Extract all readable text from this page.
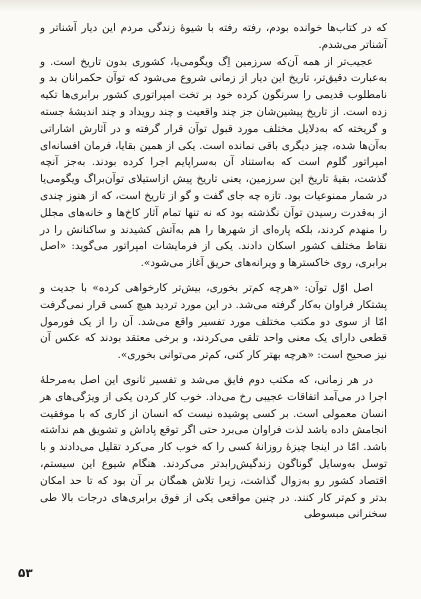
که در کتاب‌ها خوانده بودم، رفته رفته با شیوهٔ زندگی مردم این دیار آشناتر و آشناتر می‌شدم.

عجیب‌تر از همه آن‌که سرزمین اِگ ویگومی‌یا، کشوری بدون تاریخ است. و به‌عبارت دقیق‌تر، تاریخ این دیار از زمانی شروع می‌شود که توآن حکمرانان بد و نامطلوب قدیمی را سرنگون کرده خود بر تخت امپراتوری کشور برابری‌ها تکیه زده است. از تاریخ پیشین‌شان جز چند واقعیت و چند رویداد و چند اندیشهٔ جسته و گریخته که به‌دلایل مختلف مورد قبول توآن قرار گرفته و در آثارش اشاراتی به‌آن‌ها شده، چیز دیگری باقی نمانده است. یکی از همین بقایا، فرمان افسانه‌ای امپراتور گلوم است که به‌استناد آن به‌سراپایم اجرا کرده بودند. به‌جز آنچه گذشت، بقیهٔ تاریخ این سرزمین، یعنی تاریخ پیش ازاستیلای توآن‌براگ ویگومی‌یا در شمار ممنوعیات بود. تازه چه جای گفت و گو از تاریخ است، که از هنوز چندی از به‌قدرت رسیدن توآن نگذشته بود که نه تنها تمام آثار کاخ‌ها و خانه‌های مجلل را منهدم کردند، بلکه پاره‌ای از شهرها را هم به‌آتش کشیدند و ساکنانش را در نقاط مختلف کشور اسکان دادند. یکی از فرمایشات امپراتور می‌گوید: «اصل برابری، روی خاکسترها و ویرانه‌های حریق آغاز می‌شود».

اصل اوّل توآن: «هرچه کم‌تر بخوری، بیش‌تر کارخواهی کرده» با جدیت و پشتکار فراوان به‌کار گرفته می‌شد. در این مورد تردید هیچ کسی قرار نمی‌گرفت امّا از سوی دو مکتب مختلف مورد تفسیر واقع می‌شد. آن را از یک فورمول قطعی دارای یک معنی واحد تلقی می‌کردند، و برخی معتقد بودند که عکس آن نیز صحیح است: «هرچه بهتر کار کنی، کم‌تر می‌توانی بخوری».

در هر زمانی، که مکتب دوم فایق می‌شد و تفسیر ثانوی این اصل به‌مرحلهٔ اجرا در می‌آمد اتفاقات عجیبی رخ می‌داد. خوب کار کردن یکی از ویژگی‌های هر انسان معمولی است. بر کسی پوشیده نیست که انسان از کاری که با موفقیت انجامش داده باشد لذت فراوان می‌برد حتی اگر توقع پاداش و تشویق هم نداشته باشد. امّا در اینجا چیزهٔ روزانهٔ کسی را که خوب کار می‌کرد تقلیل می‌دادند و با توسل به‌وسایل گوناگون زندگیش‌رابدتر می‌کردند. هنگام شیوع این سیستم، اقتصاد کشور رو به‌زوال گذاشت، زیرا تلاش همگان بر آن بود که تا حد امکان بدتر و کم‌تر کار کنند. در چنین مواقعی یکی از فوق برابری‌های درجات بالا طی سخنرانی مبسوطی

۵۳
